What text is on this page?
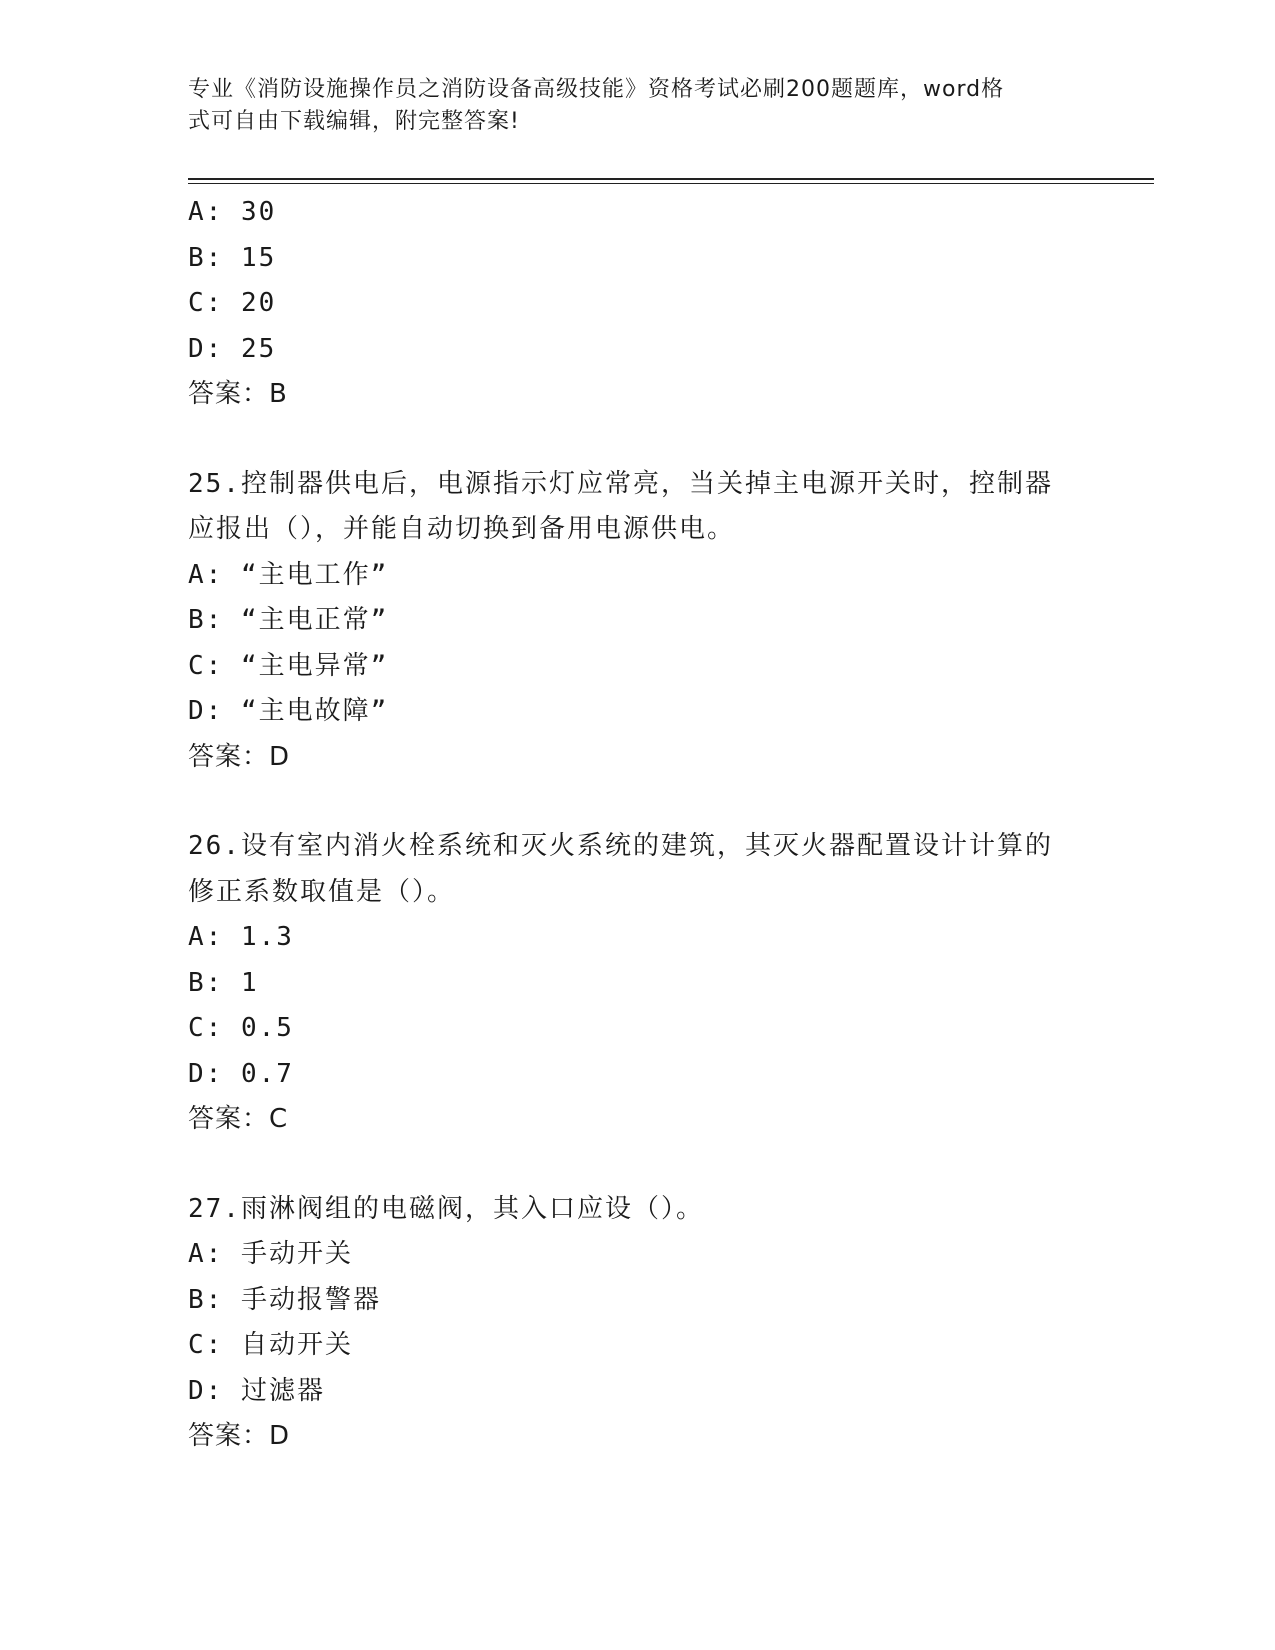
专业《消防设施操作员之消防设备高级技能》资格考试必刷200题题库，word格
式可自由下载编辑，附完整答案!
A: 30
B: 15
C: 20
D: 25
答案：B
25.控制器供电后，电源指示灯应常亮，当关掉主电源开关时，控制器
应报出（），并能自动切换到备用电源供电。
A: “主电工作”
B: “主电正常”
C: “主电异常”
D: “主电故障”
答案：D
26.设有室内消火栓系统和灭火系统的建筑，其灭火器配置设计计算的
修正系数取值是（）。
A: 1.3
B: 1
C: 0.5
D: 0.7
答案：C
27.雨淋阀组的电磁阀，其入口应设（）。
A: 手动开关
B: 手动报警器
C: 自动开关
D: 过滤器
答案：D
